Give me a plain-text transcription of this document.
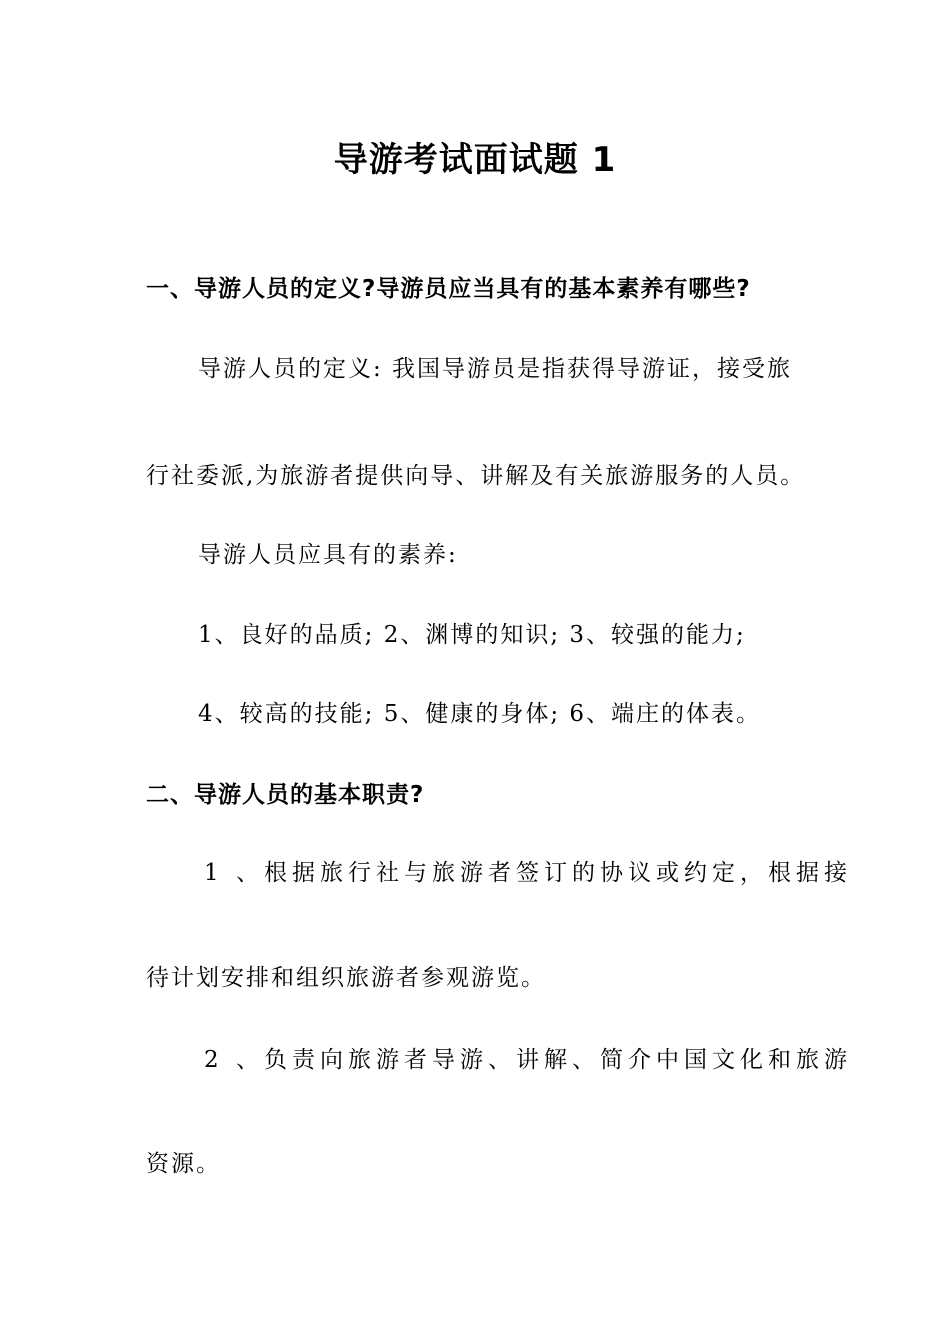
导游考试面试题 1
一、导游人员的定义?导游员应当具有的基本素养有哪些?
导游人员的定义: 我国导游员是指获得导游证，接受旅
行社委派,为旅游者提供向导、讲解及有关旅游服务的人员。
导游人员应具有的素养:
1、良好的品质; 2、渊博的知识; 3、较强的能力;
4、较高的技能; 5、健康的身体; 6、端庄的体表。
二、导游人员的基本职责?
1 、根据旅行社与旅游者签订的协议或约定，根据接
待计划安排和组织旅游者参观游览。
2 、负责向旅游者导游、讲解、简介中国文化和旅游
资源。
